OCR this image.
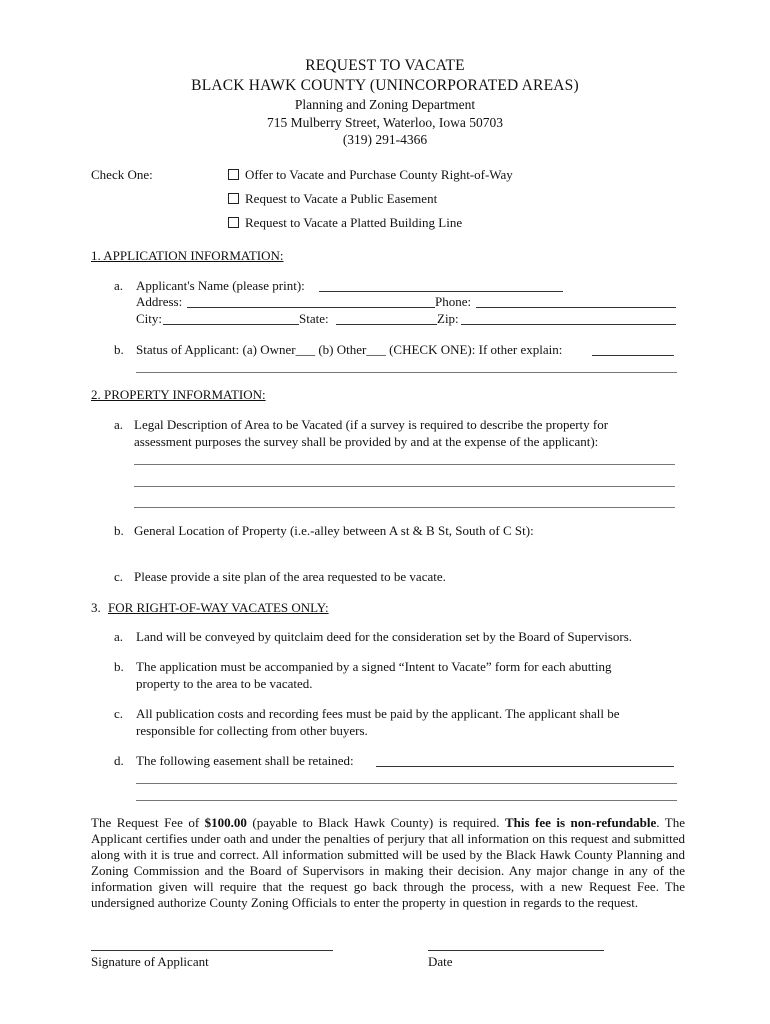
REQUEST TO VACATE
BLACK HAWK COUNTY (UNINCORPORATED AREAS)
Planning and Zoning Department
715 Mulberry Street, Waterloo, Iowa 50703
(319) 291-4366
Check One:	Offer to Vacate and Purchase County Right-of-Way
Request to Vacate a Public Easement
Request to Vacate a Platted Building Line
1. APPLICATION INFORMATION:
a. Applicant's Name (please print):
Address:	Phone:
City:	State:	Zip:
b. Status of Applicant: (a) Owner___ (b) Other___ (CHECK ONE): If other explain:
2. PROPERTY INFORMATION:
a. Legal Description of Area to be Vacated (if a survey is required to describe the property for
assessment purposes the survey shall be provided by and at the expense of the applicant):
b. General Location of Property (i.e.-alley between A st & B St, South of C St):
c. Please provide a site plan of the area requested to be vacate.
3. FOR RIGHT-OF-WAY VACATES ONLY:
a. Land will be conveyed by quitclaim deed for the consideration set by the Board of Supervisors.
b. The application must be accompanied by a signed “Intent to Vacate” form for each abutting
property to the area to be vacated.
c. All publication costs and recording fees must be paid by the applicant. The applicant shall be
responsible for collecting from other buyers.
d. The following easement shall be retained:
The Request Fee of $100.00 (payable to Black Hawk County) is required. This fee is non-refundable. The Applicant certifies under oath and under the penalties of perjury that all information on this request and submitted along with it is true and correct. All information submitted will be used by the Black Hawk County Planning and Zoning Commission and the Board of Supervisors in making their decision. Any major change in any of the information given will require that the request go back through the process, with a new Request Fee. The undersigned authorize County Zoning Officials to enter the property in question in regards to the request.
Signature of Applicant	Date
